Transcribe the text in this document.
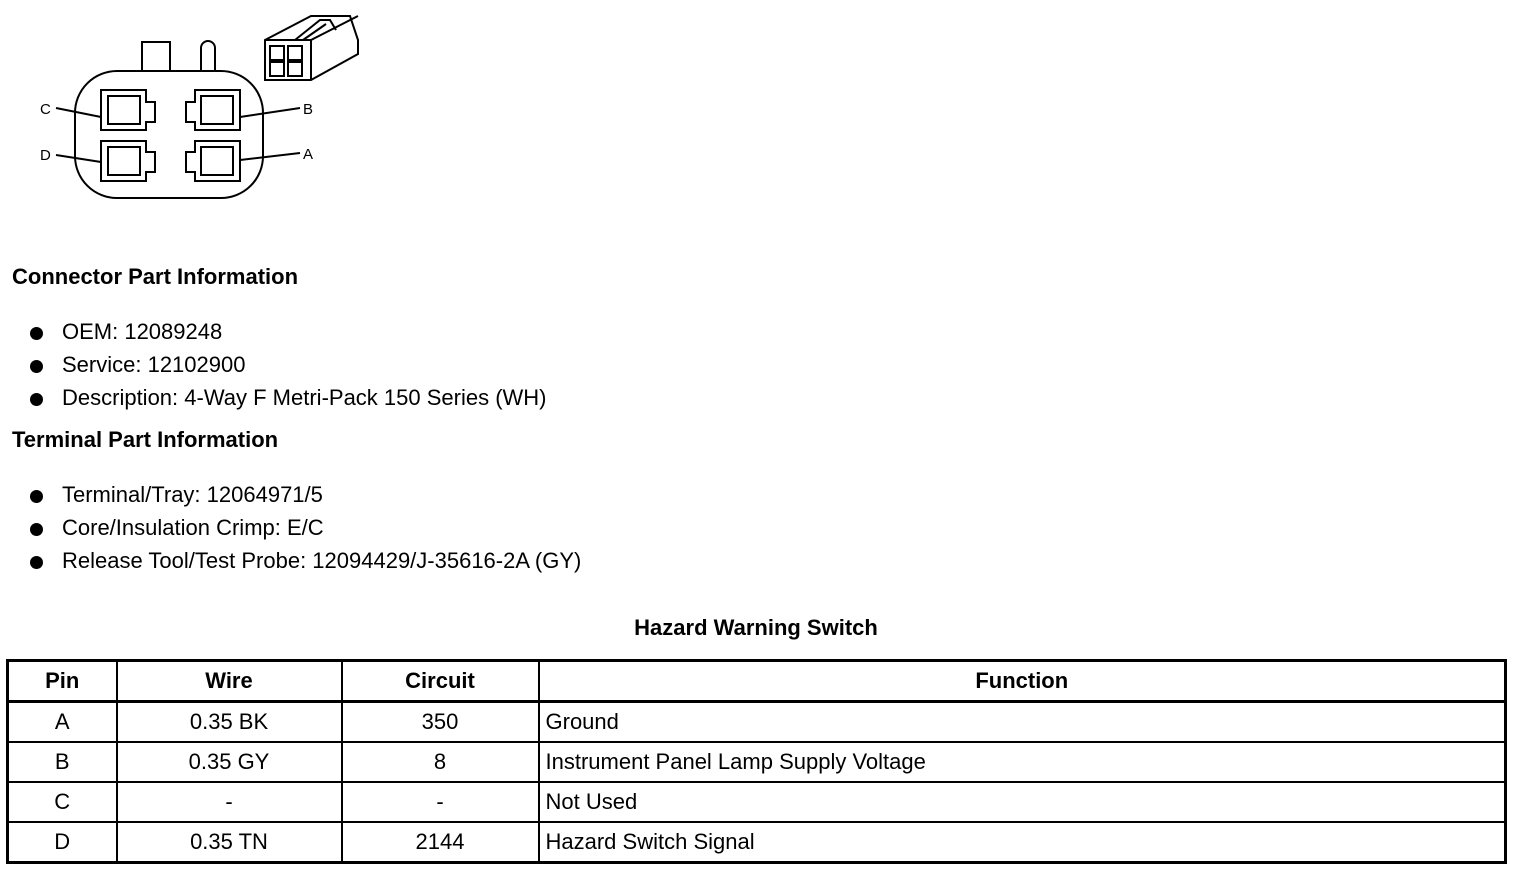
C
D
B
A
Connector Part Information
OEM: 12089248
Service: 12102900
Description: 4-Way F Metri-Pack 150 Series (WH)
Terminal Part Information
Terminal/Tray: 12064971/5
Core/Insulation Crimp: E/C
Release Tool/Test Probe: 12094429/J-35616-2A (GY)
Hazard Warning Switch
Pin	Wire	Circuit	Function
A	0.35 BK	350	Ground
B	0.35 GY	8	Instrument Panel Lamp Supply Voltage
C	-	-	Not Used
D	0.35 TN	2144	Hazard Switch Signal
